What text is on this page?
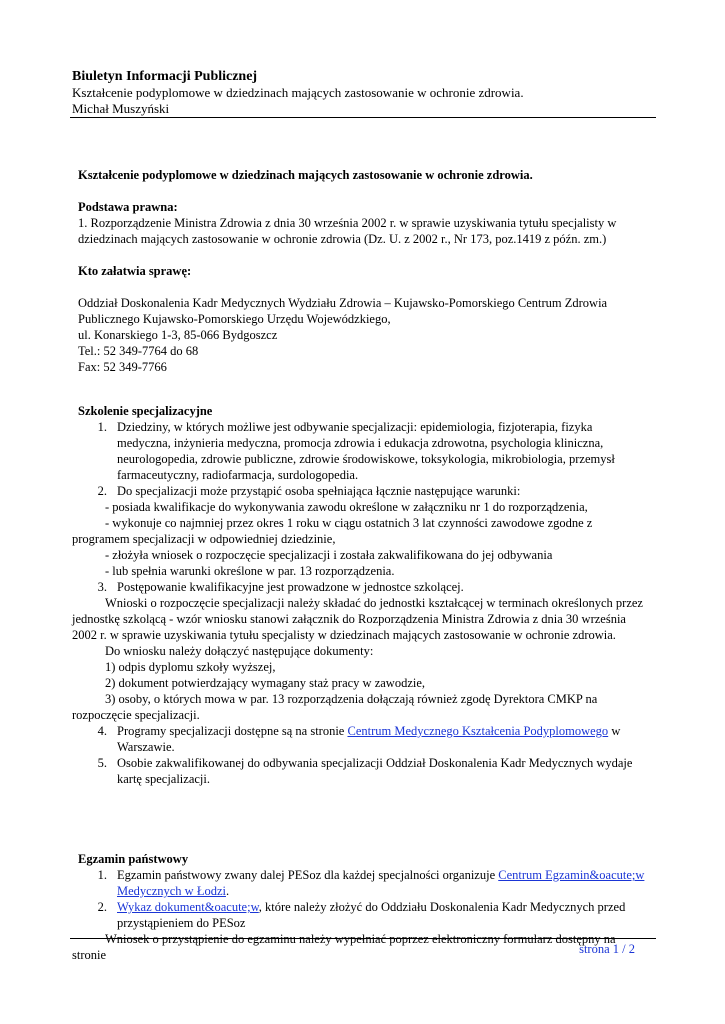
Biuletyn Informacji Publicznej
Kształcenie podyplomowe w dziedzinach mających zastosowanie w ochronie zdrowia.
Michał Muszyński

Kształcenie podyplomowe w dziedzinach mających zastosowanie w ochronie zdrowia.

Podstawa prawna:

1. Rozporządzenie Ministra Zdrowia z dnia 30 września 2002 r. w sprawie uzyskiwania tytułu specjalisty w dziedzinach mających zastosowanie w ochronie zdrowia (Dz. U. z 2002 r., Nr 173, poz.1419 z późn. zm.)

Kto załatwia sprawę:

Oddział Doskonalenia Kadr Medycznych Wydziału Zdrowia – Kujawsko-Pomorskiego Centrum Zdrowia Publicznego Kujawsko-Pomorskiego Urzędu Wojewódzkiego,

ul. Konarskiego 1-3, 85-066 Bydgoszcz

Tel.: 52 349-7764 do 68

Fax: 52 349-7766

Szkolenie specjalizacyjne

1. Dziedziny, w których możliwe jest odbywanie specjalizacji: epidemiologia, fizjoterapia, fizyka medyczna, inżynieria medyczna, promocja zdrowia i edukacja zdrowotna, psychologia kliniczna, neurologopedia, zdrowie publiczne, zdrowie środowiskowe, toksykologia, mikrobiologia, przemysł farmaceutyczny, radiofarmacja, surdologopedia.
2. Do specjalizacji może przystąpić osoba spełniająca łącznie następujące warunki:

- posiada kwalifikacje do wykonywania zawodu określone w załączniku nr 1 do rozporządzenia,

- wykonuje co najmniej przez okres 1 roku w ciągu ostatnich 3 lat czynności zawodowe zgodne z programem specjalizacji w odpowiedniej dziedzinie,

- złożyła wniosek o rozpoczęcie specjalizacji i została zakwalifikowana do jej odbywania

- lub spełnia warunki określone w par. 13 rozporządzenia.

3. Postępowanie kwalifikacyjne jest prowadzone w jednostce szkolącej.

Wnioski o rozpoczęcie specjalizacji należy składać do jednostki kształcącej w terminach określonych przez jednostkę szkolącą - wzór wniosku stanowi załącznik do Rozporządzenia Ministra Zdrowia z dnia 30 września 2002 r. w sprawie uzyskiwania tytułu specjalisty w dziedzinach mających zastosowanie w ochronie zdrowia.

Do wniosku należy dołączyć następujące dokumenty:

1) odpis dyplomu szkoły wyższej,

2) dokument potwierdzający wymagany staż pracy w zawodzie,

3) osoby, o których mowa w par. 13 rozporządzenia dołączają również zgodę Dyrektora CMKP na rozpoczęcie specjalizacji.

4. Programy specjalizacji dostępne są na stronie Centrum Medycznego Kształcenia Podyplomowego w Warszawie.
5. Osobie zakwalifikowanej do odbywania specjalizacji Oddział Doskonalenia Kadr Medycznych wydaje kartę specjalizacji.

Egzamin państwowy

1. Egzamin państwowy zwany dalej PESoz dla każdej specjalności organizuje Centrum Egzamin&oacute;w Medycznych w Łodzi.
2. Wykaz dokument&oacute;w, które należy złożyć do Oddziału Doskonalenia Kadr Medycznych przed przystąpieniem do PESoz

Wniosek o przystąpienie do egzaminu należy wypełniać poprzez elektroniczny formularz dostępny na stronie	strona 1 / 2
